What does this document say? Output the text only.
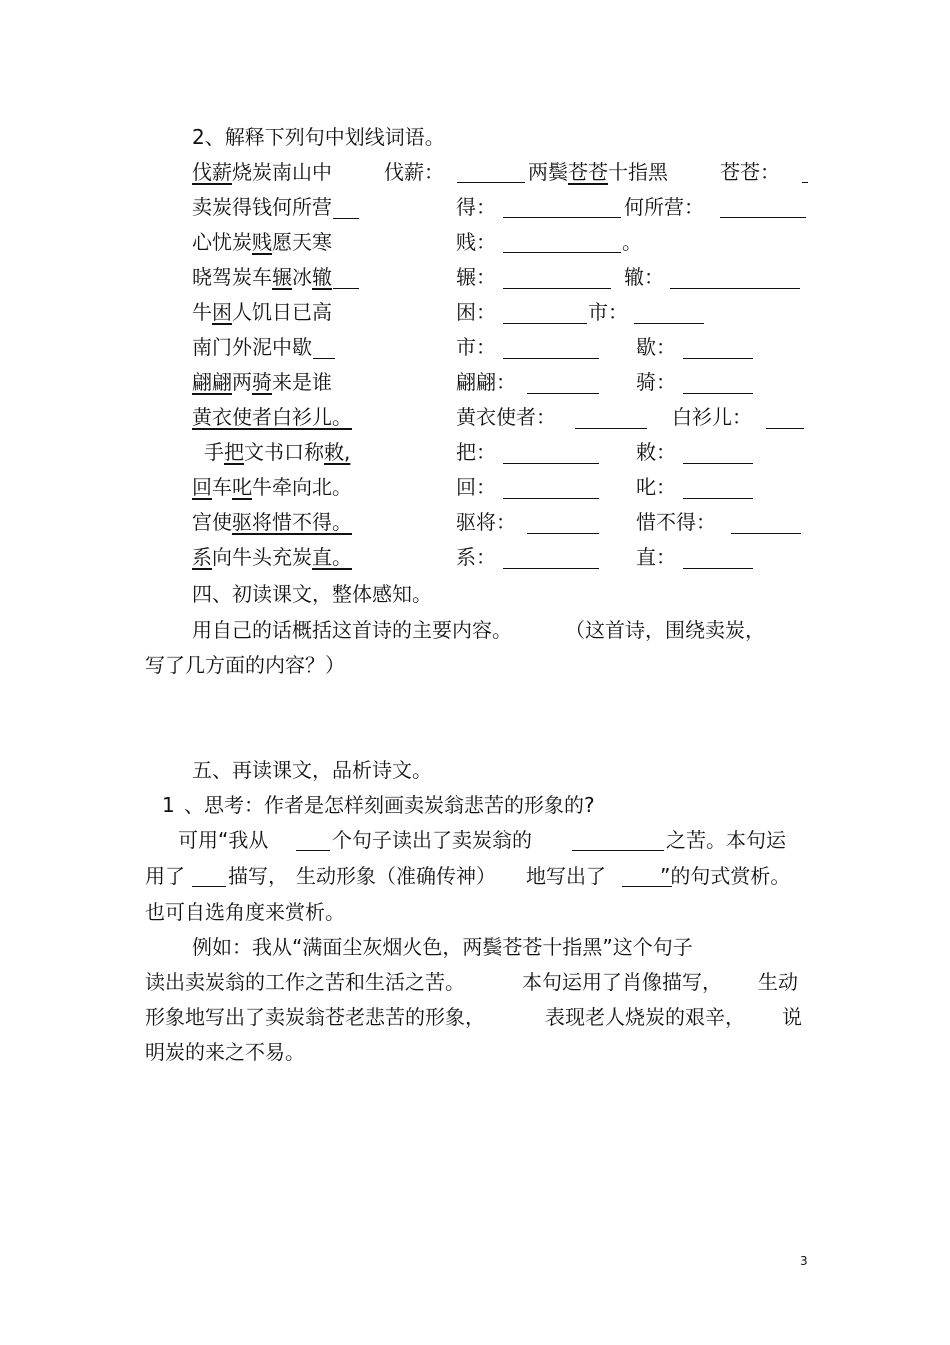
2、解释下列句中划线词语。
伐薪烧炭南山中	伐薪：	两鬓苍苍十指黑	苍苍：
卖炭得钱何所营	得：	何所营：
心忧炭贱愿天寒	贱：	。
晓驾炭车辗冰辙	辗：	辙：
牛困人饥日已高	困：	市：
南门外泥中歇	市：	歇：
翩翩两骑来是谁	翩翩：	骑：
黄衣使者白衫儿。	黄衣使者：	白衫儿：
手把文书口称敕,	把：	敕：
回车叱牛牵向北。	回：	叱：
宫使驱将惜不得。	驱将：	惜不得：
系向牛头充炭直。	系：	直：
四、初读课文，整体感知。
用自己的话概括这首诗的主要内容。	（这首诗，围绕卖炭，
写了几方面的内容？）
五、再读课文，品析诗文。
1 、思考：作者是怎样刻画卖炭翁悲苦的形象的?
可用“我从	个句子读出了卖炭翁的	之苦。本句运
用了 描写， 生动形象（准确传神） 地写出了	”的句式赏析。
也可自选角度来赏析。
例如：我从“满面尘灰烟火色，两鬓苍苍十指黑”这个句子
读出卖炭翁的工作之苦和生活之苦。	本句运用了肖像描写， 生动
形象地写出了卖炭翁苍老悲苦的形象，	表现老人烧炭的艰辛， 说
明炭的来之不易。
3
